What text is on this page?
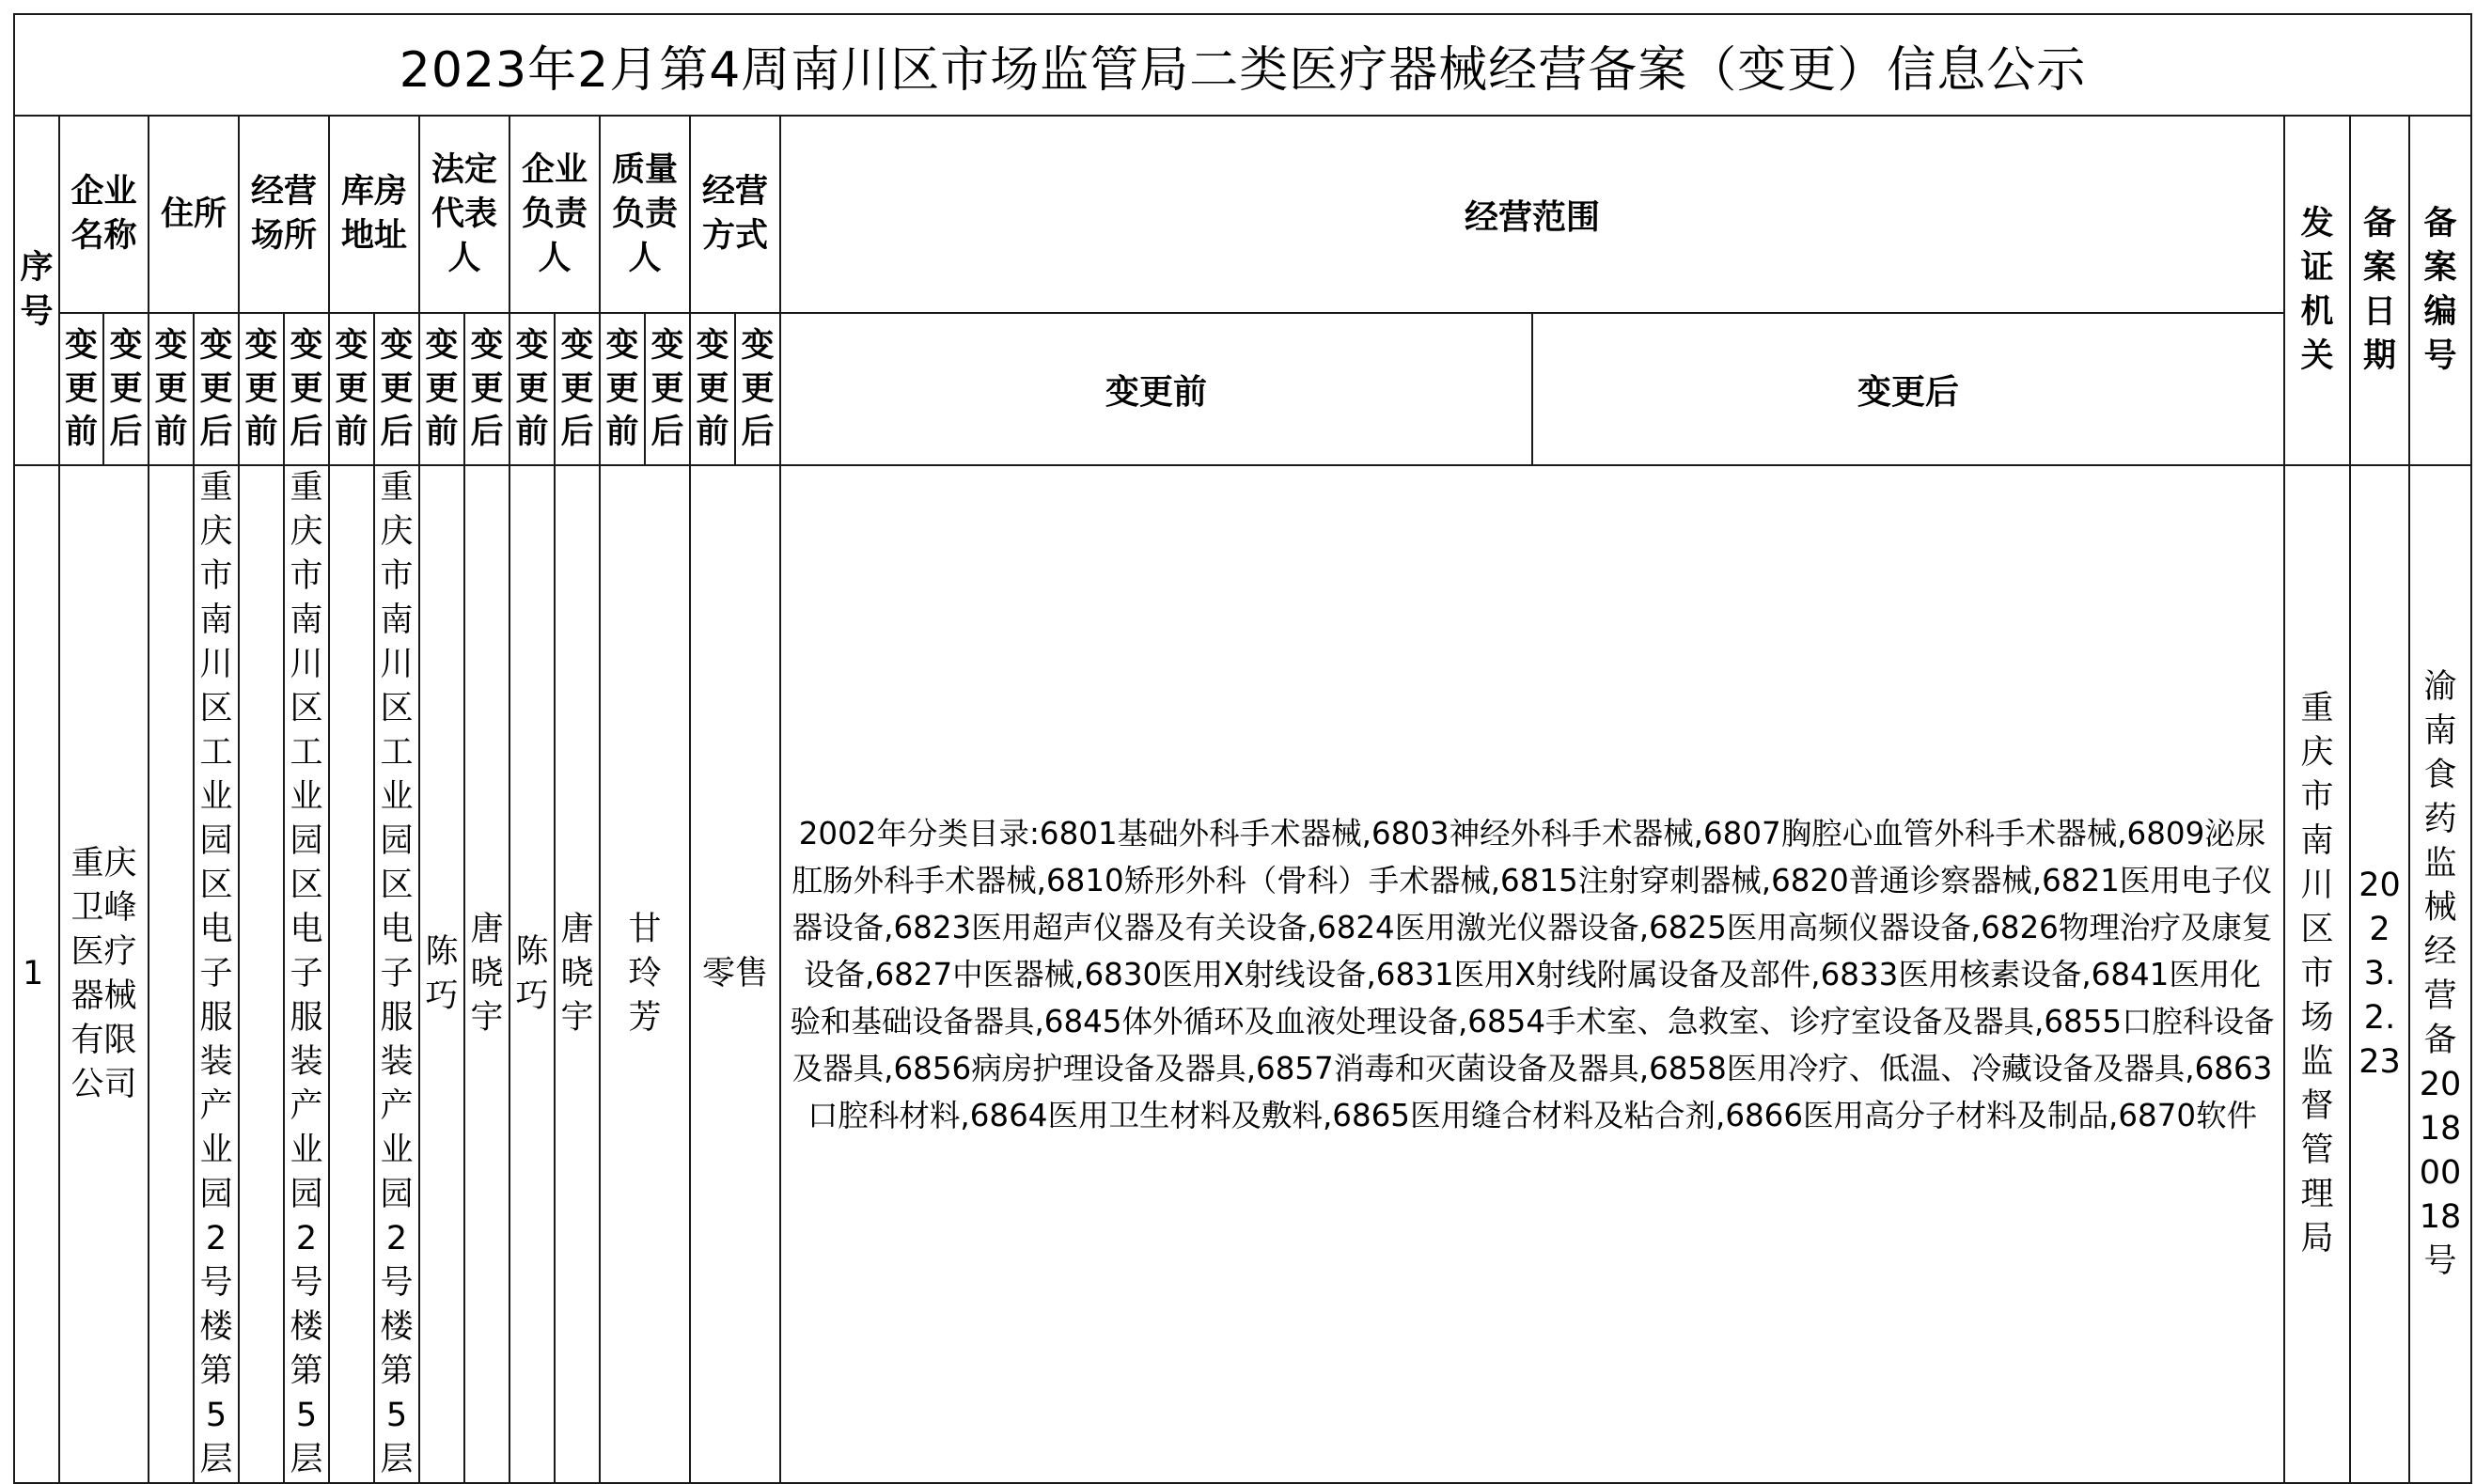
2023年2月第4周南川区市场监管局二类医疗器械经营备案（变更）信息公示																					
序号	企业名称		住所		经营场所		库房地址		法定代表人		企业负责人		质量负责人		经营方式		经营范围		发证机关	备案日期	备案编号
	变更前	变更后	变更前	变更后	变更前	变更后	变更前	变更后	变更前	变更后	变更前	变更后	变更前	变更后	变更前	变更后	变更前	变更后			
1	重庆卫峰医疗器械有限公司			重庆市南川区工业园区电子服装产业园2号楼第5层		重庆市南川区工业园区电子服装产业园2号楼第5层		重庆市南川区工业园区电子服装产业园2号楼第5层	陈巧	唐晓宇	陈巧	唐晓宇	甘玲芳		零售		2002年分类目录:6801基础外科手术器械,6803神经外科手术器械,6807胸腔心血管外科手术器械,6809泌尿肛肠外科手术器械,6810矫形外科（骨科）手术器械,6815注射穿刺器械,6820普通诊察器械,6821医用电子仪器设备,6823医用超声仪器及有关设备,6824医用激光仪器设备,6825医用高频仪器设备,6826物理治疗及康复设备,6827中医器械,6830医用X射线设备,6831医用X射线附属设备及部件,6833医用核素设备,6841医用化验和基础设备器具,6845体外循环及血液处理设备,6854手术室、急救室、诊疗室设备及器具,6855口腔科设备及器具,6856病房护理设备及器具,6857消毒和灭菌设备及器具,6858医用冷疗、低温、冷藏设备及器具,6863口腔科材料,6864医用卫生材料及敷料,6865医用缝合材料及粘合剂,6866医用高分子材料及制品,6870软件		重庆市南川区市场监督管理局	2023.2.23	渝南食药监械经营备20180018号
